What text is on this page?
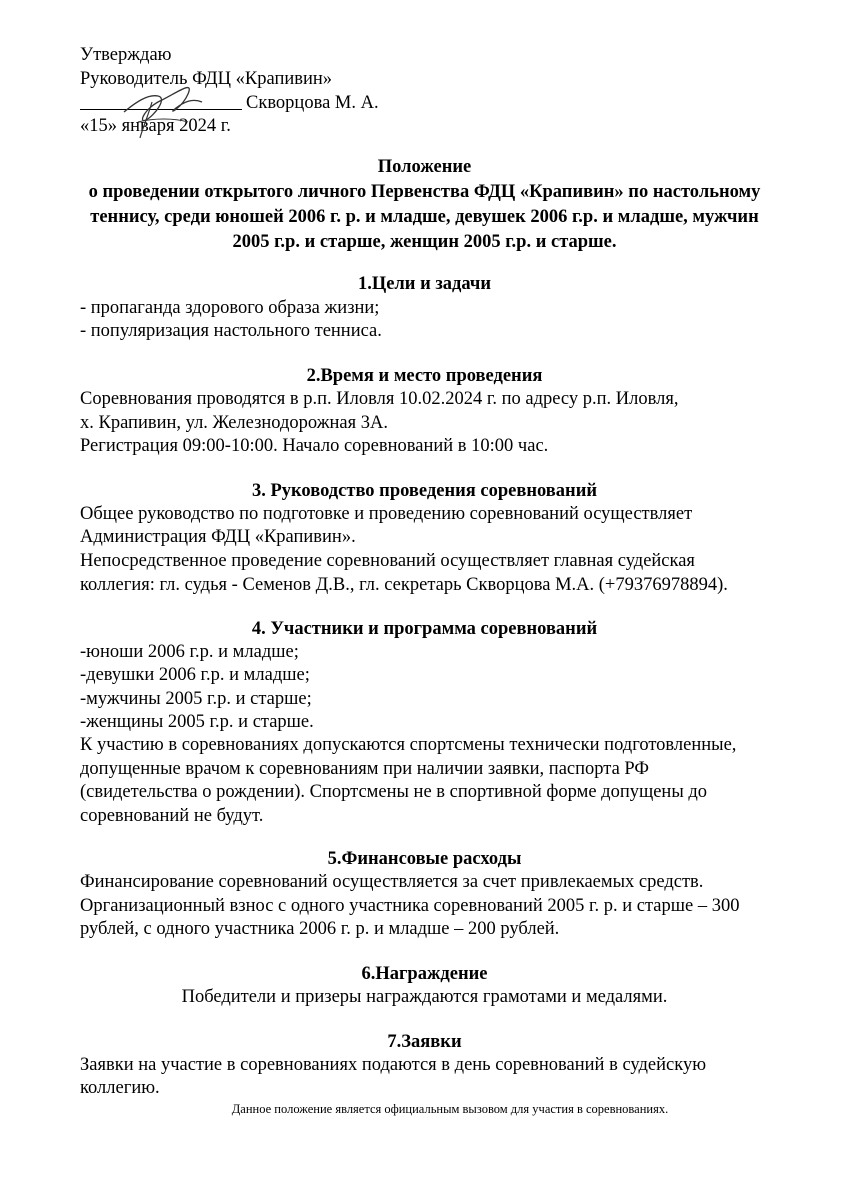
Утверждаю
Руководитель ФДЦ «Крапивин»
Скворцова М. А.
«15» января 2024 г.
Положение
о проведении открытого личного Первенства ФДЦ «Крапивин» по настольному
теннису, среди юношей 2006 г. р. и младше, девушек 2006 г.р. и младше, мужчин
2005 г.р. и старше, женщин 2005 г.р. и старше.
1.Цели и задачи
- пропаганда здорового образа жизни;
- популяризация настольного тенниса.
2.Время и место проведения
Соревнования проводятся в р.п. Иловля 10.02.2024 г. по адресу р.п. Иловля,
х. Крапивин, ул. Железнодорожная 3А.
Регистрация 09:00-10:00. Начало соревнований в 10:00 час.
3. Руководство проведения соревнований
Общее руководство по подготовке и проведению соревнований осуществляет
Администрация ФДЦ «Крапивин».
Непосредственное проведение соревнований осуществляет главная судейская
коллегия: гл. судья - Семенов Д.В., гл. секретарь Скворцова М.А. (+79376978894).
4. Участники и программа соревнований
-юноши 2006 г.р. и младше;
-девушки 2006 г.р. и младше;
-мужчины 2005 г.р. и старше;
-женщины 2005 г.р. и старше.
К участию в соревнованиях допускаются спортсмены технически подготовленные,
допущенные врачом к соревнованиям при наличии заявки, паспорта РФ
(свидетельства о рождении). Спортсмены не в спортивной форме допущены до
соревнований не будут.
5.Финансовые расходы
Финансирование соревнований осуществляется за счет привлекаемых средств.
Организационный взнос с одного участника соревнований 2005 г. р. и старше – 300
рублей, с одного участника 2006 г. р. и младше – 200 рублей.
6.Награждение
Победители и призеры награждаются грамотами и медалями.
7.Заявки
Заявки на участие в соревнованиях подаются в день соревнований в судейскую
коллегию.
Данное положение является официальным вызовом для участия в соревнованиях.
